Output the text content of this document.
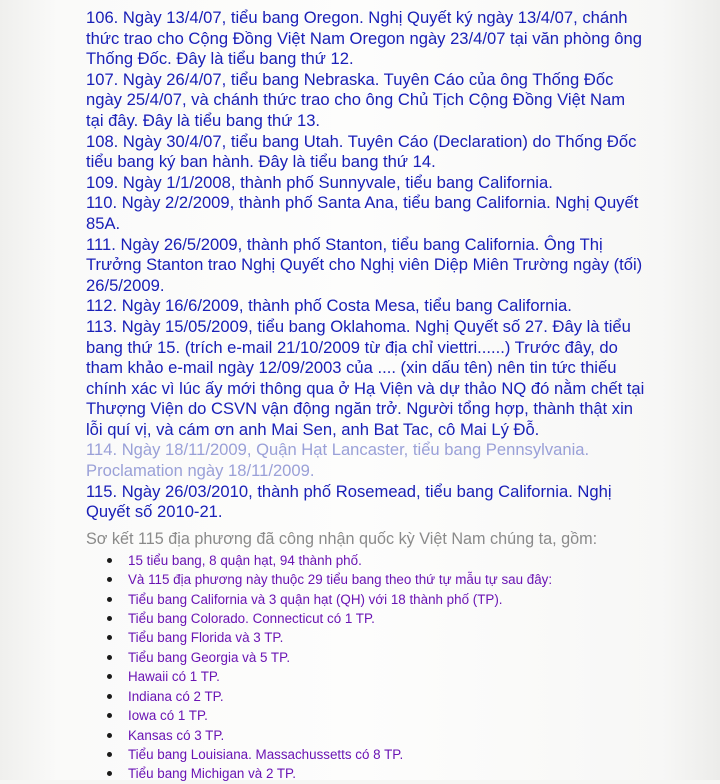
106. Ngày 13/4/07, tiểu bang Oregon. Nghị Quyết ký ngày 13/4/07, chánh thức trao cho Cộng Đồng Việt Nam Oregon ngày 23/4/07 tại văn phòng ông Thống Đốc. Đây là tiểu bang thứ 12.

107. Ngày 26/4/07, tiểu bang Nebraska. Tuyên Cáo của ông Thống Đốc ngày 25/4/07, và chánh thức trao cho ông Chủ Tịch Cộng Đồng Việt Nam tại đây. Đây là tiểu bang thứ 13.

108. Ngày 30/4/07, tiểu bang Utah. Tuyên Cáo (Declaration) do Thống Đốc tiểu bang ký ban hành. Đây là tiểu bang thứ 14.

109. Ngày 1/1/2008, thành phố Sunnyvale, tiểu bang California.

110. Ngày 2/2/2009, thành phố Santa Ana, tiểu bang California. Nghị Quyết 85A.

111. Ngày 26/5/2009, thành phố Stanton, tiểu bang California. Ông Thị Trưởng Stanton trao Nghị Quyết cho Nghị viên Diệp Miên Trường ngày (tối) 26/5/2009.

112. Ngày 16/6/2009, thành phố Costa Mesa, tiểu bang California.

113. Ngày 15/05/2009, tiểu bang Oklahoma. Nghị Quyết số 27. Đây là tiểu bang thứ 15. (trích e-mail 21/10/2009 từ địa chỉ viettri......) Trước đây, do tham khảo e-mail ngày 12/09/2003 của .... (xin dấu tên) nên tin tức thiếu chính xác vì lúc ấy mới thông qua ở Hạ Viện và dự thảo NQ đó nằm chết tại Thượng Viện do CSVN vận động ngăn trở. Người tổng hợp, thành thật xin lỗi quí vị, và cám ơn anh Mai Sen, anh Bat Tac, cô Mai Lý Đỗ.

114. Ngày 18/11/2009, Quận Hạt Lancaster, tiểu bang Pennsylvania. Proclamation ngày 18/11/2009.

115. Ngày 26/03/2010, thành phố Rosemead, tiểu bang California. Nghị Quyết số 2010-21.

Sơ kết 115 địa phương đã công nhận quốc kỳ Việt Nam chúng ta, gồm:
15 tiểu bang, 8 quận hạt, 94 thành phố.
Và 115 địa phương này thuộc 29 tiểu bang theo thứ tự mẫu tự sau đây:
Tiểu bang California và 3 quận hạt (QH) với 18 thành phố (TP).
Tiểu bang Colorado. Connecticut có 1 TP.
Tiểu bang Florida và 3 TP.
Tiểu bang Georgia và 5 TP.
Hawaii có 1 TP.
Indiana có 2 TP.
Iowa có 1 TP.
Kansas có 3 TP.
Tiểu bang Louisiana. Massachussetts có 8 TP.
Tiểu bang Michigan và 2 TP.
